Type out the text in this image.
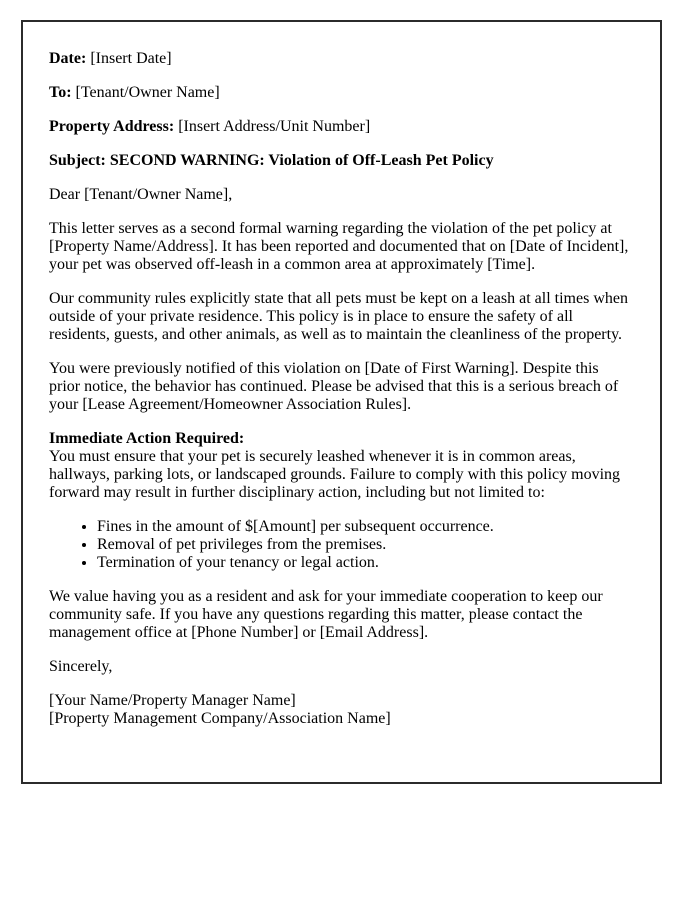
Date: [Insert Date]

To: [Tenant/Owner Name]

Property Address: [Insert Address/Unit Number]

Subject: SECOND WARNING: Violation of Off-Leash Pet Policy

Dear [Tenant/Owner Name],

This letter serves as a second formal warning regarding the violation of the pet policy at [Property Name/Address]. It has been reported and documented that on [Date of Incident], your pet was observed off-leash in a common area at approximately [Time].

Our community rules explicitly state that all pets must be kept on a leash at all times when outside of your private residence. This policy is in place to ensure the safety of all residents, guests, and other animals, as well as to maintain the cleanliness of the property.

You were previously notified of this violation on [Date of First Warning]. Despite this prior notice, the behavior has continued. Please be advised that this is a serious breach of your [Lease Agreement/Homeowner Association Rules].

Immediate Action Required:
You must ensure that your pet is securely leashed whenever it is in common areas, hallways, parking lots, or landscaped grounds. Failure to comply with this policy moving forward may result in further disciplinary action, including but not limited to:

• Fines in the amount of $[Amount] per subsequent occurrence.
• Removal of pet privileges from the premises.
• Termination of your tenancy or legal action.

We value having you as a resident and ask for your immediate cooperation to keep our community safe. If you have any questions regarding this matter, please contact the management office at [Phone Number] or [Email Address].

Sincerely,

[Your Name/Property Manager Name]
[Property Management Company/Association Name]
